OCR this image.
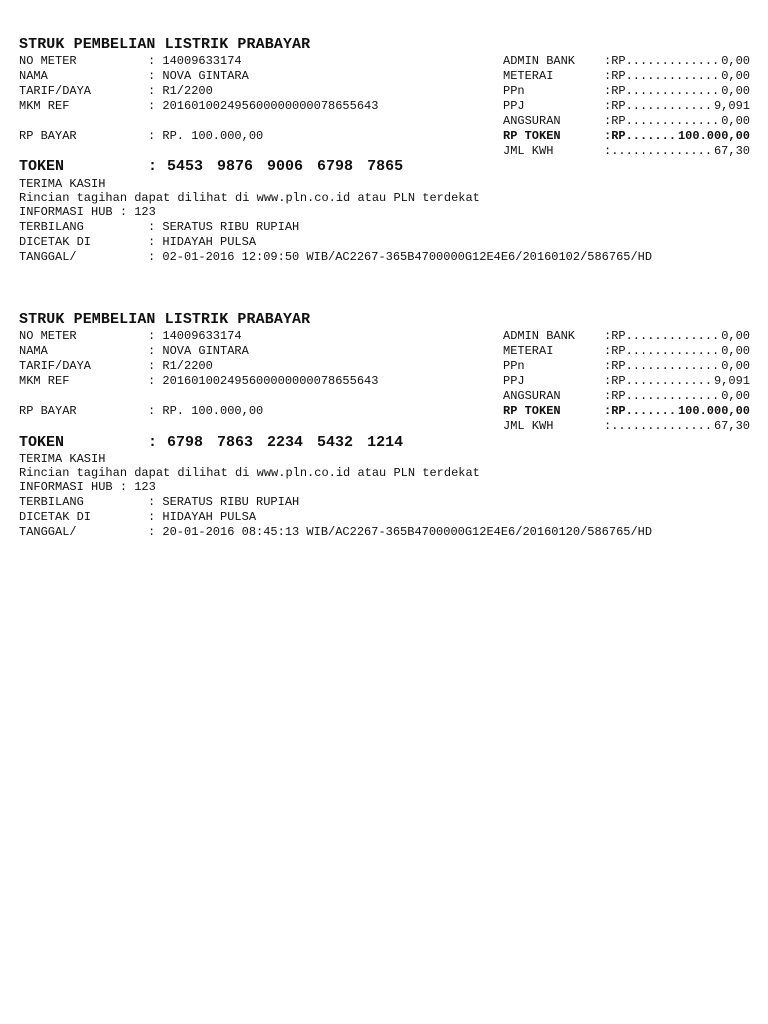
STRUK PEMBELIAN LISTRIK PRABAYAR
NO METER	: 14009633174
NAMA	: NOVA GINTARA
TARIF/DAYA	: R1/2200
MKM REF	: 201601002495600000000078655643
RP BAYAR	: RP. 100.000,00
ADMIN BANK :RP .....	0,00
METERAI	:RP .....	0,00
PPn	:RP .....	0,00
PPJ	:RP .....	9,091
ANGSURAN	:RP .....	0,00
RP TOKEN	:RP .....	100.000,00
JML KWH	: .....	67,30
TOKEN	: 5453 9876 9006 6798 7865
TERIMA KASIH
Rincian tagihan dapat dilihat di www.pln.co.id atau PLN terdekat
INFORMASI HUB : 123
TERBILANG	: SERATUS RIBU RUPIAH
DICETAK DI	: HIDAYAH PULSA
TANGGAL/	: 02-01-2016 12:09:50 WIB/AC2267-365B4700000G12E4E6/20160102/586765/HD
STRUK PEMBELIAN LISTRIK PRABAYAR
NO METER	: 14009633174
NAMA	: NOVA GINTARA
TARIF/DAYA	: R1/2200
MKM REF	: 201601002495600000000078655643
RP BAYAR	: RP. 100.000,00
ADMIN BANK :RP .....	0,00
METERAI	:RP .....	0,00
PPn	:RP .....	0,00
PPJ	:RP .....	9,091
ANGSURAN	:RP .....	0,00
RP TOKEN	:RP .....	100.000,00
JML KWH	: .....	67,30
TOKEN	: 6798 7863 2234 5432 1214
TERIMA KASIH
Rincian tagihan dapat dilihat di www.pln.co.id atau PLN terdekat
INFORMASI HUB : 123
TERBILANG	: SERATUS RIBU RUPIAH
DICETAK DI	: HIDAYAH PULSA
TANGGAL/	: 20-01-2016 08:45:13 WIB/AC2267-365B4700000G12E4E6/20160120/586765/HD
